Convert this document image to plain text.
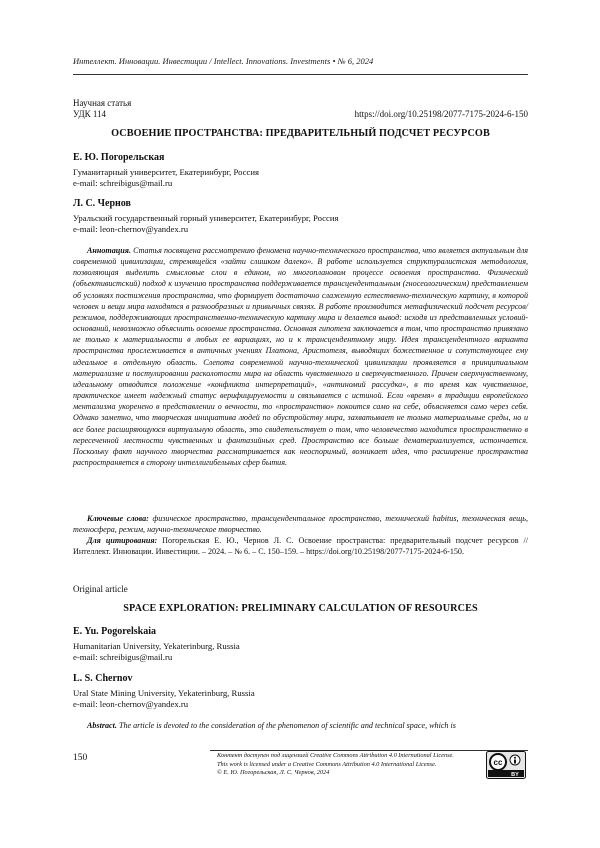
Интеллект. Инновации. Инвестиции / Intellect. Innovations. Investments • № 6, 2024
Научная статья
УДК 114	https://doi.org/10.25198/2077-7175-2024-6-150
ОСВОЕНИЕ ПРОСТРАНСТВА: ПРЕДВАРИТЕЛЬНЫЙ ПОДСЧЕТ РЕСУРСОВ
Е. Ю. Погорельская
Гуманитарный университет, Екатеринбург, Россия
e-mail: schreibigus@mail.ru
Л. С. Чернов
Уральский государственный горный университет, Екатеринбург, Россия
e-mail: leon-chernov@yandex.ru
Аннотация. Статья посвящена рассмотрению феномена научно-технического пространства, что является актуальным для современной цивилизации, стремящейся «зайти слишком далеко». В работе используется структуралистская методология, позволяющая выделить смысловые слои в едином, но многоплановом процессе освоения пространства. Физический (объективистский) подход к изучению пространства поддерживается трансцендентальным (гносеологическим) представлением об условиях постижения пространства, что формирует достаточно слаженную естественно-техническую картину, в которой человек и вещи мира находятся в разнообразных и привычных связях. В работе производится метафизический подсчет ресурсов/режимов, поддерживающих пространственно-техническую картину мира и делается вывод: исходя из представленных условий-оснований, невозможно объяснить освоение пространства. Основная гипотеза заключается в том, что пространство привязано не только к материальности в любых ее вариациях, но и к трансцендентному миру. Идея трансцендентного варианта пространства прослеживается в античных учениях Платона, Аристотеля, выводящих божественное и сопутствующее ему идеальное в отдельную область. Слепота современной научно-технической цивилизации проявляется в принципиальном материализме и постулировании расколотости мира на область чувственного и сверхчувственного. Причем сверхчувственному, идеальному отводится положение «конфликта интерпретаций», «антиномий рассудка», в то время как чувственное, практическое имеет надежный статус верифицируемости и связывается с истиной. Если «время» в традиции европейского ментализма укоренено в представлении о вечности, то «пространство» покоится само на себе, объясняется само через себя. Однако заметно, что творческая инициатива людей по обустройству мира, захватывает не только материальные среды, но и все более расширяющуюся виртуальную область, это свидетельствует о том, что человечество находится пространственно в пересеченной местности чувственных и фантазийных сред. Пространство все больше дематериализуется, истончается. Поскольку факт научного творчества рассматривается как неоспоримый, возникает идея, что расширение пространства распространяется в сторону интеллигибельных сфер бытия.
Ключевые слова: физическое пространство, трансцендентальное пространство, технический habitus, техническая вещь, техносфера, режим, научно-техническое творчество.
Для цитирования: Погорельская Е. Ю., Чернов Л. С. Освоение пространства: предварительный подсчет ресурсов // Интеллект. Инновации. Инвестиции. – 2024. – № 6. – С. 150–159. – https://doi.org/10.25198/2077-7175-2024-6-150.
Original article
SPACE EXPLORATION: PRELIMINARY CALCULATION OF RESOURCES
E. Yu. Pogorelskaia
Humanitarian University, Yekaterinburg, Russia
e-mail: schreibigus@mail.ru
L. S. Chernov
Ural State Mining University, Yekaterinburg, Russia
e-mail: leon-chernov@yandex.ru
Abstract. The article is devoted to the consideration of the phenomenon of scientific and technical space, which is
150	Контент доступен под лицензией Creative Commons Attribution 4.0 International License.
This work is licensed under a Creative Commons Attribution 4.0 International License.
© Е. Ю. Погорельская, Л. С. Чернов, 2024
cc
BY
